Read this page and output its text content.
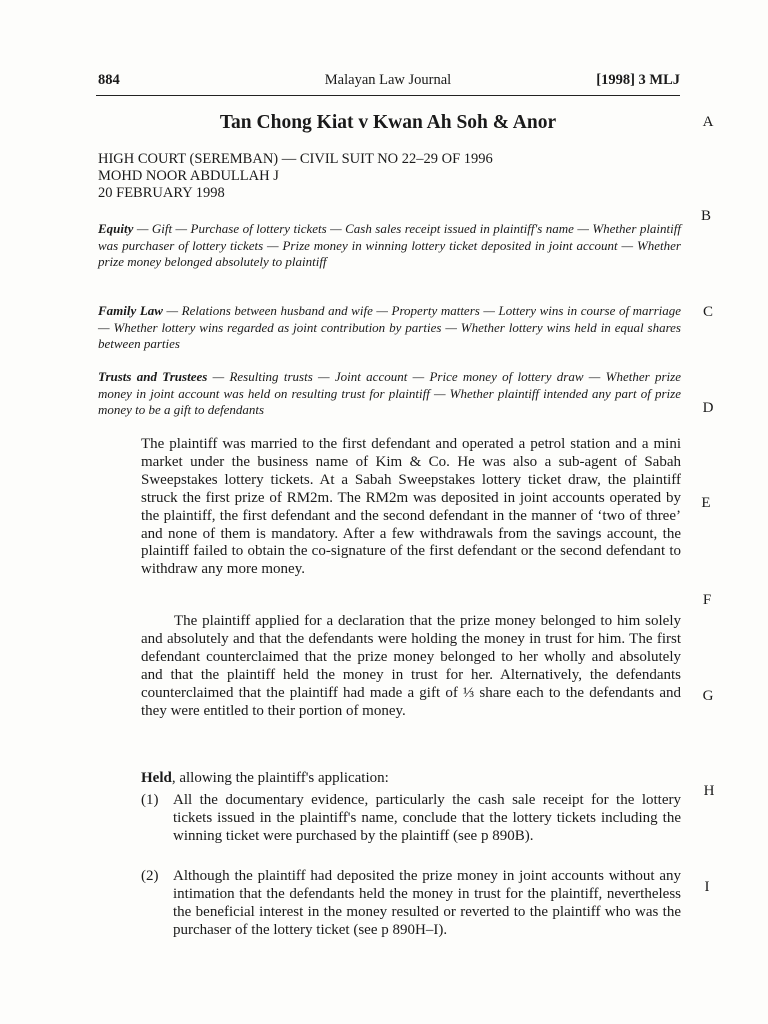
884	Malayan Law Journal	[1998] 3 MLJ
Tan Chong Kiat v Kwan Ah Soh & Anor
HIGH COURT (SEREMBAN) — CIVIL SUIT NO 22–29 OF 1996
MOHD NOOR ABDULLAH J
20 FEBRUARY 1998
Equity — Gift — Purchase of lottery tickets — Cash sales receipt issued in plaintiff's name — Whether plaintiff was purchaser of lottery tickets — Prize money in winning lottery ticket deposited in joint account — Whether prize money belonged absolutely to plaintiff
Family Law — Relations between husband and wife — Property matters — Lottery wins in course of marriage — Whether lottery wins regarded as joint contribution by parties — Whether lottery wins held in equal shares between parties
Trusts and Trustees — Resulting trusts — Joint account — Price money of lottery draw — Whether prize money in joint account was held on resulting trust for plaintiff — Whether plaintiff intended any part of prize money to be a gift to defendants
The plaintiff was married to the first defendant and operated a petrol station and a mini market under the business name of Kim & Co. He was also a sub-agent of Sabah Sweepstakes lottery tickets. At a Sabah Sweepstakes lottery ticket draw, the plaintiff struck the first prize of RM2m. The RM2m was deposited in joint accounts operated by the plaintiff, the first defendant and the second defendant in the manner of ‘two of three’ and none of them is mandatory. After a few withdrawals from the savings account, the plaintiff failed to obtain the co-signature of the first defendant or the second defendant to withdraw any more money.
The plaintiff applied for a declaration that the prize money belonged to him solely and absolutely and that the defendants were holding the money in trust for him. The first defendant counterclaimed that the prize money belonged to her wholly and absolutely and that the plaintiff held the money in trust for her. Alternatively, the defendants counterclaimed that the plaintiff had made a gift of ⅓ share each to the defendants and they were entitled to their portion of money.
Held, allowing the plaintiff's application:
(1) All the documentary evidence, particularly the cash sale receipt for the lottery tickets issued in the plaintiff's name, conclude that the lottery tickets including the winning ticket were purchased by the plaintiff (see p 890B).
(2) Although the plaintiff had deposited the prize money in joint accounts without any intimation that the defendants held the money in trust for the plaintiff, nevertheless the beneficial interest in the money resulted or reverted to the plaintiff who was the purchaser of the lottery ticket (see p 890H–I).
A
B
C
D
E
F
G
H
I
